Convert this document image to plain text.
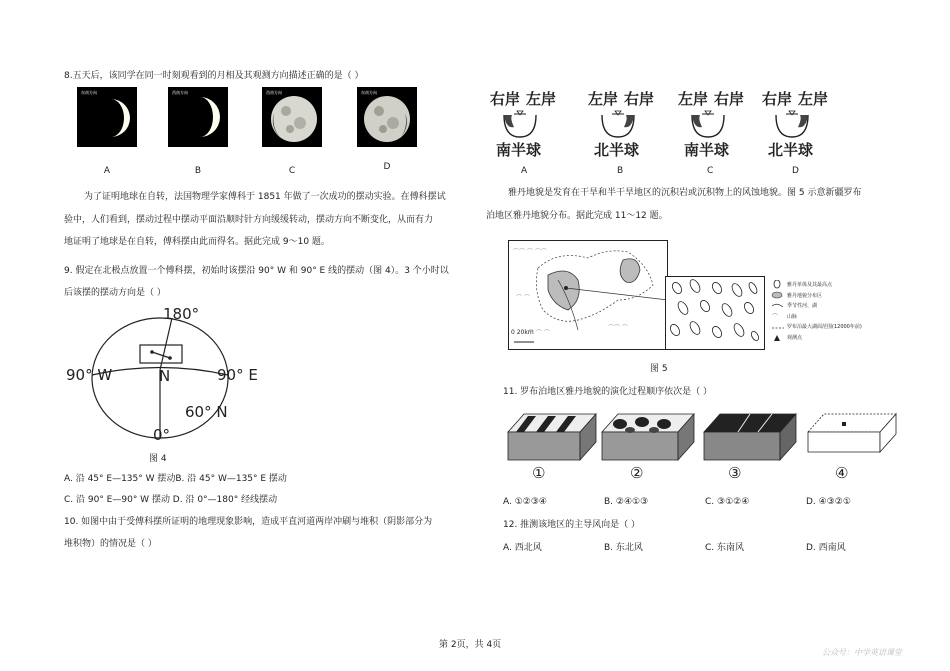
8.五天后，该同学在同一时刻观看到的月相及其观测方向描述正确的是（ ）
东南方向
A
西南方向
B
西南方向
C
东南方向
D
为了证明地球在自转，法国物理学家傅科于 1851 年做了一次成功的摆动实验。在傅科摆试
验中，人们看到，摆动过程中摆动平面沿顺时针方向缓缓转动，摆动方向不断变化，从而有力
地证明了地球是在自转，傅科摆由此而得名。据此完成 9～10 题。
9. 假定在北极点放置一个傅科摆，初始时该摆沿 90° W 和 90° E 线的摆动（图 4）。3 个小时以
后该摆的摆动方向是（ ）
180°
90° W	N	90° E
60° N
0°
图 4
A. 沿 45° E—135° W 摆动B. 沿 45° W—135° E 摆动
C. 沿 90° E—90° W 摆动 D. 沿 0°—180° 经线摆动
10. 如图中由于受傅科摆所证明的地理现象影响，造成平直河道两岸冲刷与堆积（阴影部分为
堆积物）的情况是（ ）
右岸 左岸
南半球
A
左岸 右岸
北半球
B
左岸 右岸
南半球
C
右岸 左岸
北半球
D
雅丹地貌是发育在干旱和半干旱地区的沉积岩或沉积物上的风蚀地貌。图 5 示意新疆罗布
泊地区雅丹地貌分布。据此完成 11～12 题。
⌒⌒ ⌒ ⌒⌒
⌒ ⌒
⌒⌒ ⌒
⌒ ⌒ ⌒
0 20km
⌒
雅丹单体及其最高点
雅丹地貌分布区
季节性河、湖
山脉
罗布泊最大湖面范围(12000年前)
观测点
图 5
11. 罗布泊地区雅丹地貌的演化过程顺序依次是（ ）
①	②	③	④
A. ①②③④	B. ②④①③	C. ③①②④	D. ④③②①
12. 推测该地区的主导风向是（ ）
A. 西北风	B. 东北风	C. 东南风	D. 西南风
第 2页，共 4页
公众号：中学英语课堂
